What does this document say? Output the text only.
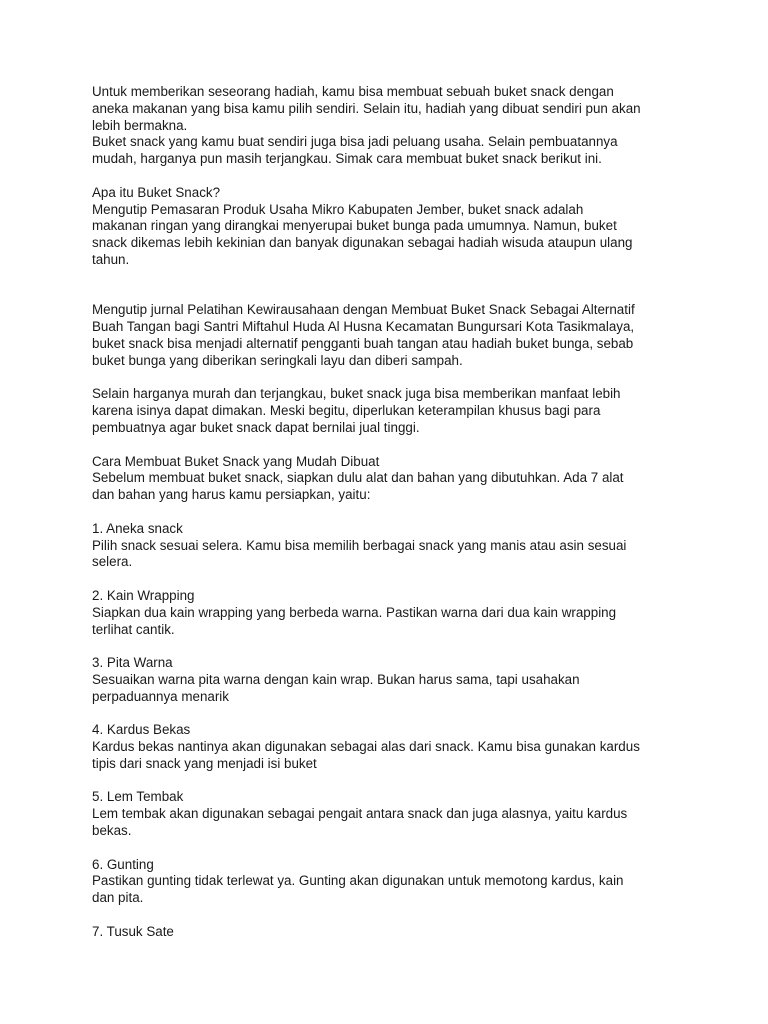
Untuk memberikan seseorang hadiah, kamu bisa membuat sebuah buket snack dengan
aneka makanan yang bisa kamu pilih sendiri. Selain itu, hadiah yang dibuat sendiri pun akan
lebih bermakna.

Buket snack yang kamu buat sendiri juga bisa jadi peluang usaha. Selain pembuatannya
mudah, harganya pun masih terjangkau. Simak cara membuat buket snack berikut ini.

Apa itu Buket Snack?

Mengutip Pemasaran Produk Usaha Mikro Kabupaten Jember, buket snack adalah
makanan ringan yang dirangkai menyerupai buket bunga pada umumnya. Namun, buket
snack dikemas lebih kekinian dan banyak digunakan sebagai hadiah wisuda ataupun ulang
tahun.

Mengutip jurnal Pelatihan Kewirausahaan dengan Membuat Buket Snack Sebagai Alternatif
Buah Tangan bagi Santri Miftahul Huda Al Husna Kecamatan Bungursari Kota Tasikmalaya,
buket snack bisa menjadi alternatif pengganti buah tangan atau hadiah buket bunga, sebab
buket bunga yang diberikan seringkali layu dan diberi sampah.

Selain harganya murah dan terjangkau, buket snack juga bisa memberikan manfaat lebih
karena isinya dapat dimakan. Meski begitu, diperlukan keterampilan khusus bagi para
pembuatnya agar buket snack dapat bernilai jual tinggi.

Cara Membuat Buket Snack yang Mudah Dibuat

Sebelum membuat buket snack, siapkan dulu alat dan bahan yang dibutuhkan. Ada 7 alat
dan bahan yang harus kamu persiapkan, yaitu:

1. Aneka snack

Pilih snack sesuai selera. Kamu bisa memilih berbagai snack yang manis atau asin sesuai
selera.

2. Kain Wrapping

Siapkan dua kain wrapping yang berbeda warna. Pastikan warna dari dua kain wrapping
terlihat cantik.

3. Pita Warna

Sesuaikan warna pita warna dengan kain wrap. Bukan harus sama, tapi usahakan
perpaduannya menarik

4. Kardus Bekas

Kardus bekas nantinya akan digunakan sebagai alas dari snack. Kamu bisa gunakan kardus
tipis dari snack yang menjadi isi buket

5. Lem Tembak

Lem tembak akan digunakan sebagai pengait antara snack dan juga alasnya, yaitu kardus
bekas.

6. Gunting

Pastikan gunting tidak terlewat ya. Gunting akan digunakan untuk memotong kardus, kain
dan pita.

7. Tusuk Sate
